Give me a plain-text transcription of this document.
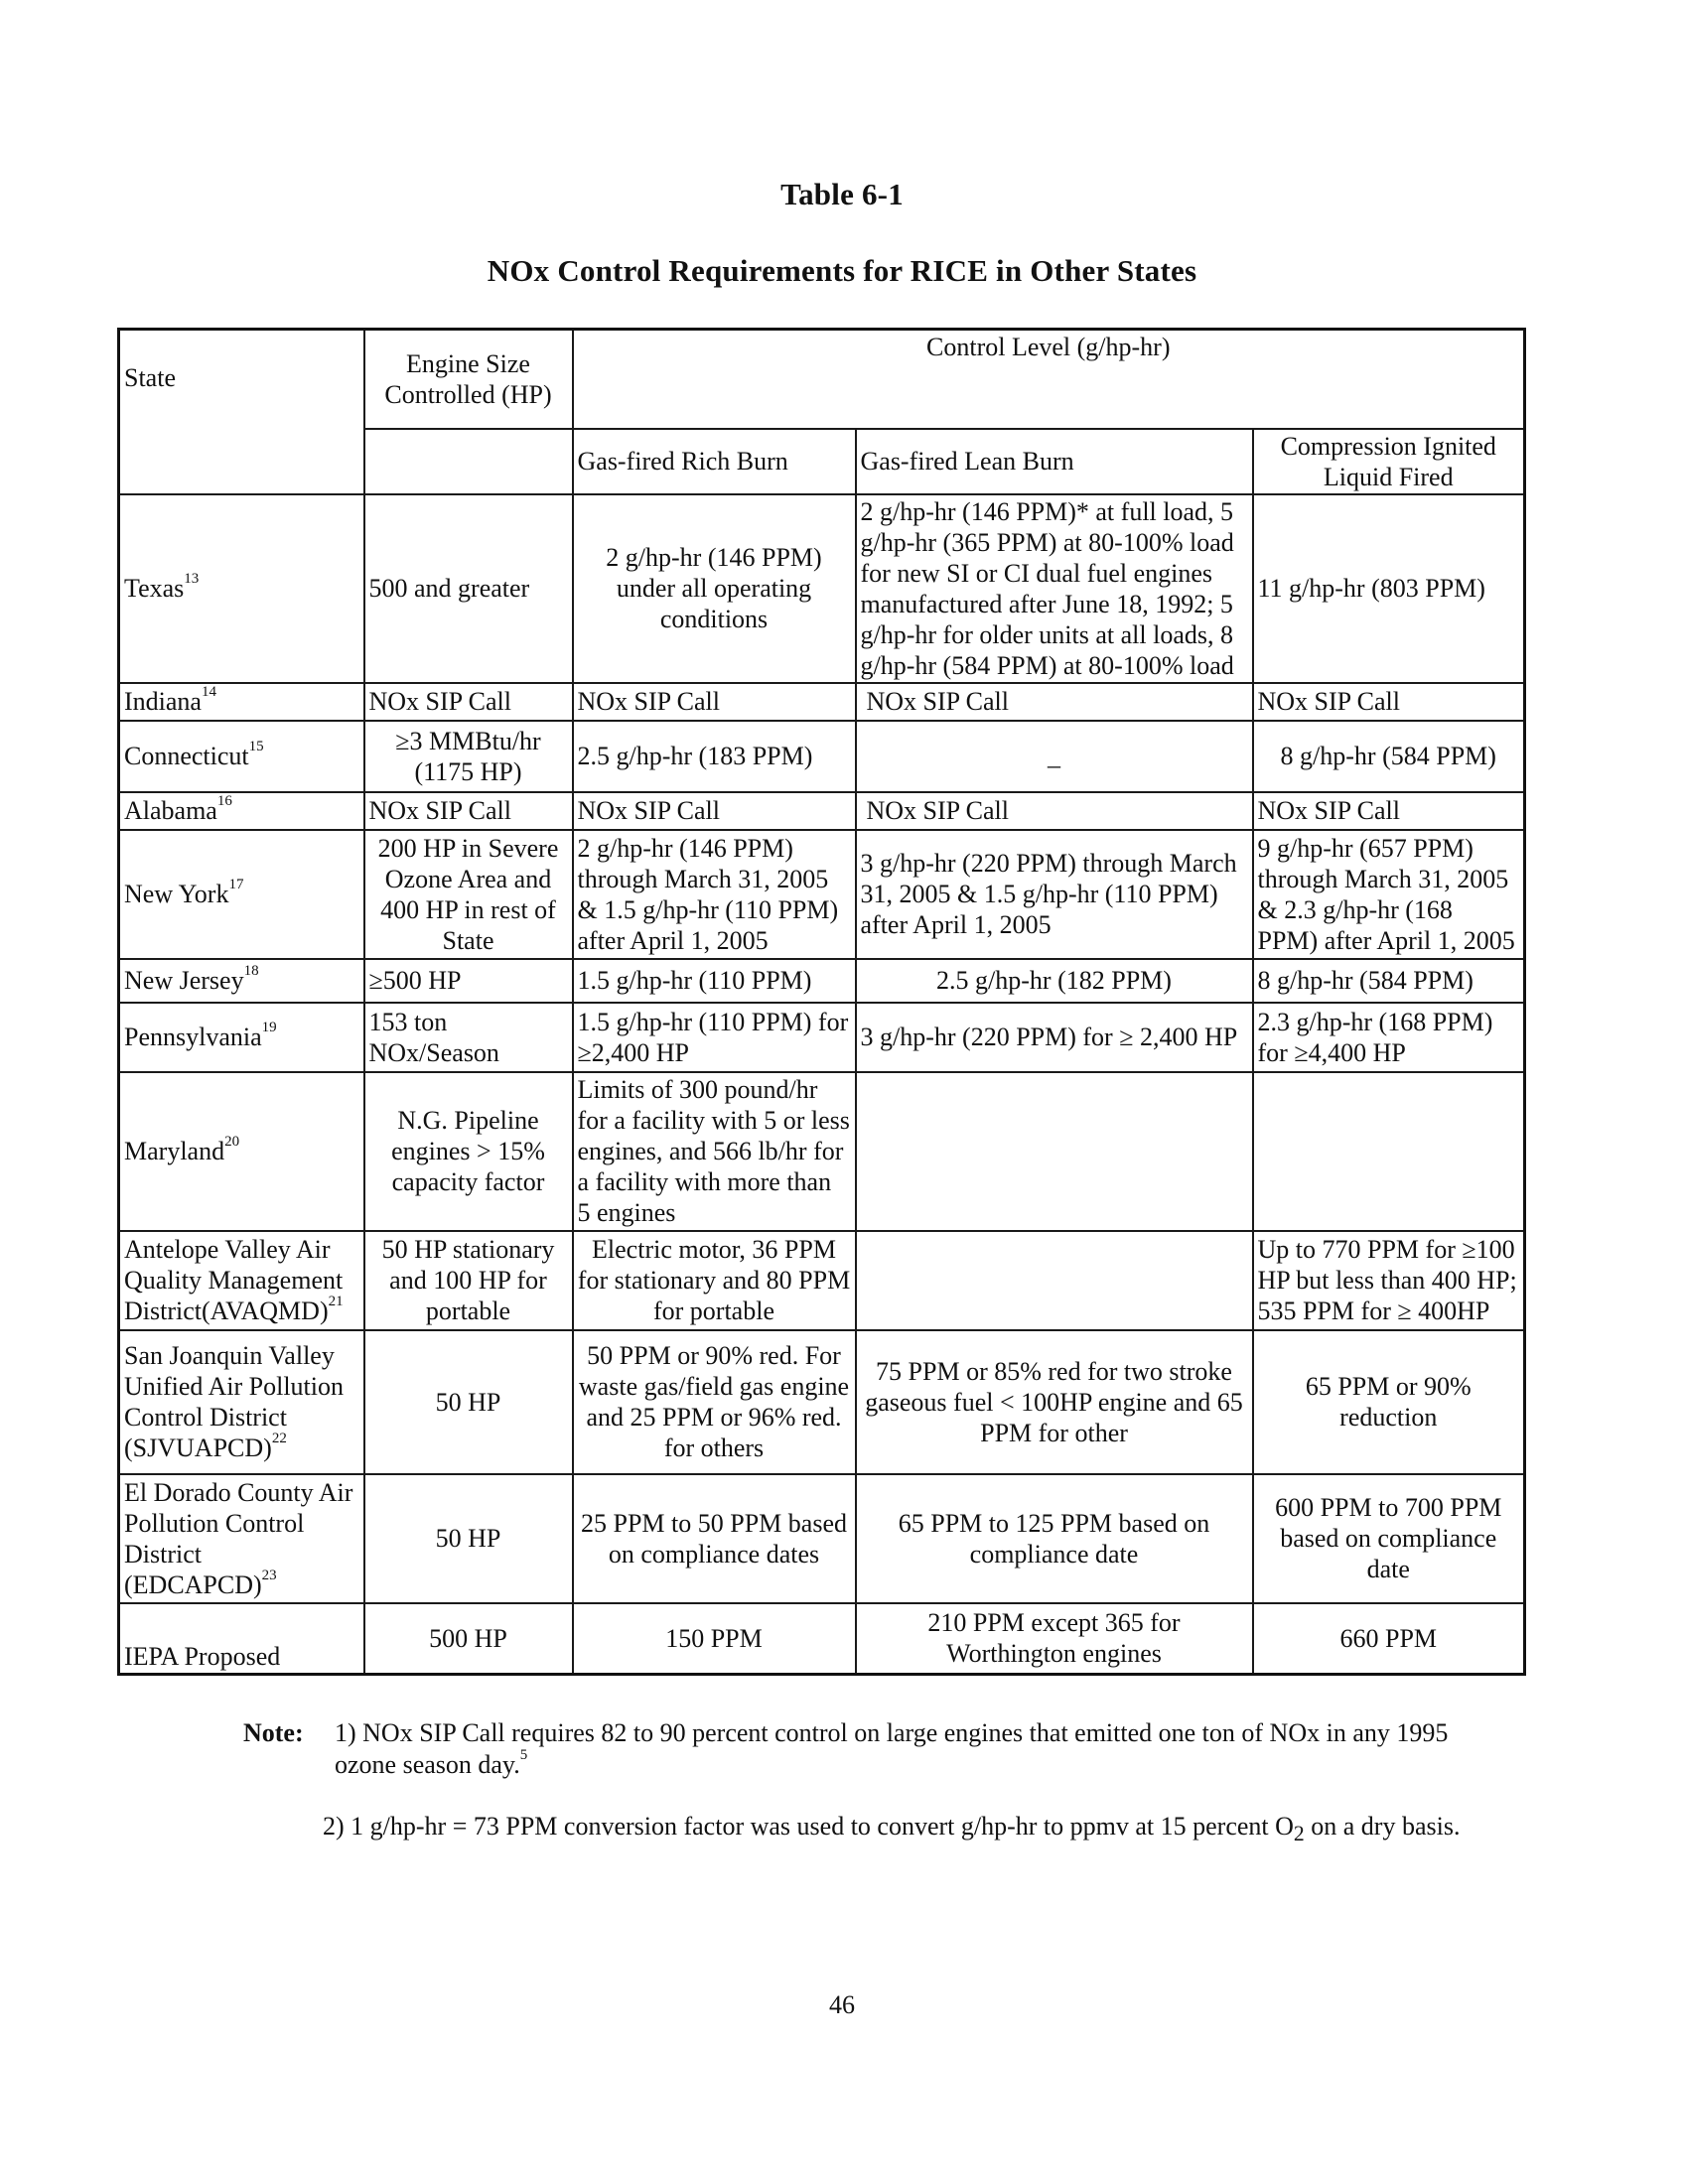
Table 6-1
NOx Control Requirements for RICE in Other States
State	Engine Size Controlled (HP)	Control Level (g/hp-hr)		
		Gas-fired Rich Burn	Gas-fired Lean Burn	Compression Ignited Liquid Fired
Texas$^{13}$	500 and greater	2 g/hp-hr (146 PPM) under all operating conditions	2 g/hp-hr (146 PPM)* at full load, 5 g/hp-hr (365 PPM) at 80-100% load for new SI or CI dual fuel engines manufactured after June 18, 1992; 5 g/hp-hr for older units at all loads, 8 g/hp-hr (584 PPM) at 80-100% load	11 g/hp-hr (803 PPM)
Indiana$^{14}$	NOx SIP Call	NOx SIP Call	NOx SIP Call	NOx SIP Call
Connecticut$^{15}$	≥3 MMBtu/hr (1175 HP)	2.5 g/hp-hr (183 PPM)	_	8 g/hp-hr (584 PPM)
Alabama$^{16}$	NOx SIP Call	NOx SIP Call	NOx SIP Call	NOx SIP Call
New York$^{17}$	200 HP in Severe Ozone Area and 400 HP in rest of State	2 g/hp-hr (146 PPM) through March 31, 2005 & 1.5 g/hp-hr (110 PPM) after April 1, 2005	3 g/hp-hr (220 PPM) through March 31, 2005 & 1.5 g/hp-hr (110 PPM) after April 1, 2005	9 g/hp-hr (657 PPM) through March 31, 2005 & 2.3 g/hp-hr (168 PPM) after April 1, 2005
New Jersey$^{18}$	≥500 HP	1.5 g/hp-hr (110 PPM)	2.5 g/hp-hr (182 PPM)	8 g/hp-hr (584 PPM)
Pennsylvania$^{19}$	153 ton NOx/Season	1.5 g/hp-hr (110 PPM) for ≥2,400 HP	3 g/hp-hr (220 PPM) for ≥ 2,400 HP	2.3 g/hp-hr (168 PPM) for ≥4,400 HP
Maryland$^{20}$	N.G. Pipeline engines > 15% capacity factor	Limits of 300 pound/hr for a facility with 5 or less engines, and 566 lb/hr for a facility with more than 5 engines		
Antelope Valley Air Quality Management District(AVAQMD)$^{21}$	50 HP stationary and 100 HP for portable	Electric motor, 36 PPM for stationary and 80 PPM for portable		Up to 770 PPM for ≥100 HP but less than 400 HP; 535 PPM for ≥ 400HP
San Joanquin Valley Unified Air Pollution Control District (SJVUAPCD)$^{22}$	50 HP	50 PPM or 90% red. For waste gas/field gas engine and 25 PPM or 96% red. for others	75 PPM or 85% red for two stroke gaseous fuel < 100HP engine and 65 PPM for other	65 PPM or 90% reduction
El Dorado County Air Pollution Control District (EDCAPCD)$^{23}$	50 HP	25 PPM to 50 PPM based on compliance dates	65 PPM to 125 PPM based on compliance date	600 PPM to 700 PPM based on compliance date
IEPA Proposed	500 HP	150 PPM	210 PPM except 365 for Worthington engines	660 PPM
Note:	1) NOx SIP Call requires 82 to 90 percent control on large engines that emitted one ton of NOx in any 1995 ozone season day.$^5$
2) 1 g/hp-hr = 73 PPM conversion factor was used to convert g/hp-hr to ppmv at 15 percent $O_2$ on a dry basis.
46
